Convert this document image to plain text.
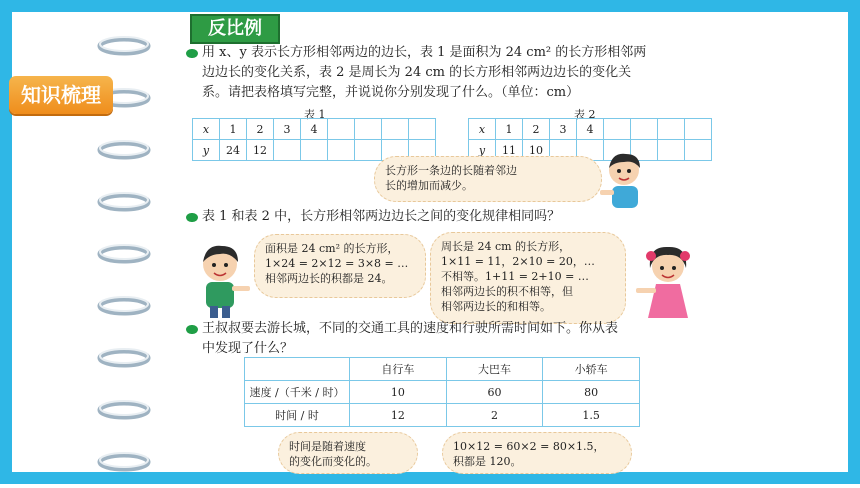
知识梳理
反比例
用 x、y 表示长方形相邻两边的边长，表 1 是面积为 24 cm² 的长方形相邻两
边边长的变化关系，表 2 是周长为 24 cm 的长方形相邻两边边长的变化关
系。请把表格填写完整，并说说你分别发现了什么。（单位：cm）
表 1
x	1	2	3	4				
y	24	12						
表 2
x	1	2	3	4				
y	11	10						
长方形一条边的长随着邻边
长的增加而减少。
表 1 和表 2 中，长方形相邻两边边长之间的变化规律相同吗？
面积是 24 cm² 的长方形，
1×24 = 2×12 = 3×8 = …
相邻两边长的积都是 24。
周长是 24 cm 的长方形，
1×11 = 11，2×10 = 20，…
不相等。1+11 = 2+10 = …
相邻两边长的积不相等，但
相邻两边长的和相等。
王叔叔要去游长城，不同的交通工具的速度和行驶所需时间如下。你从表
中发现了什么？
	自行车	大巴车	小轿车
速度 /（千米 / 时）	10	60	80
时间 / 时	12	2	1.5
时间是随着速度
的变化而变化的。
10×12 = 60×2 = 80×1.5，
积都是 120。
